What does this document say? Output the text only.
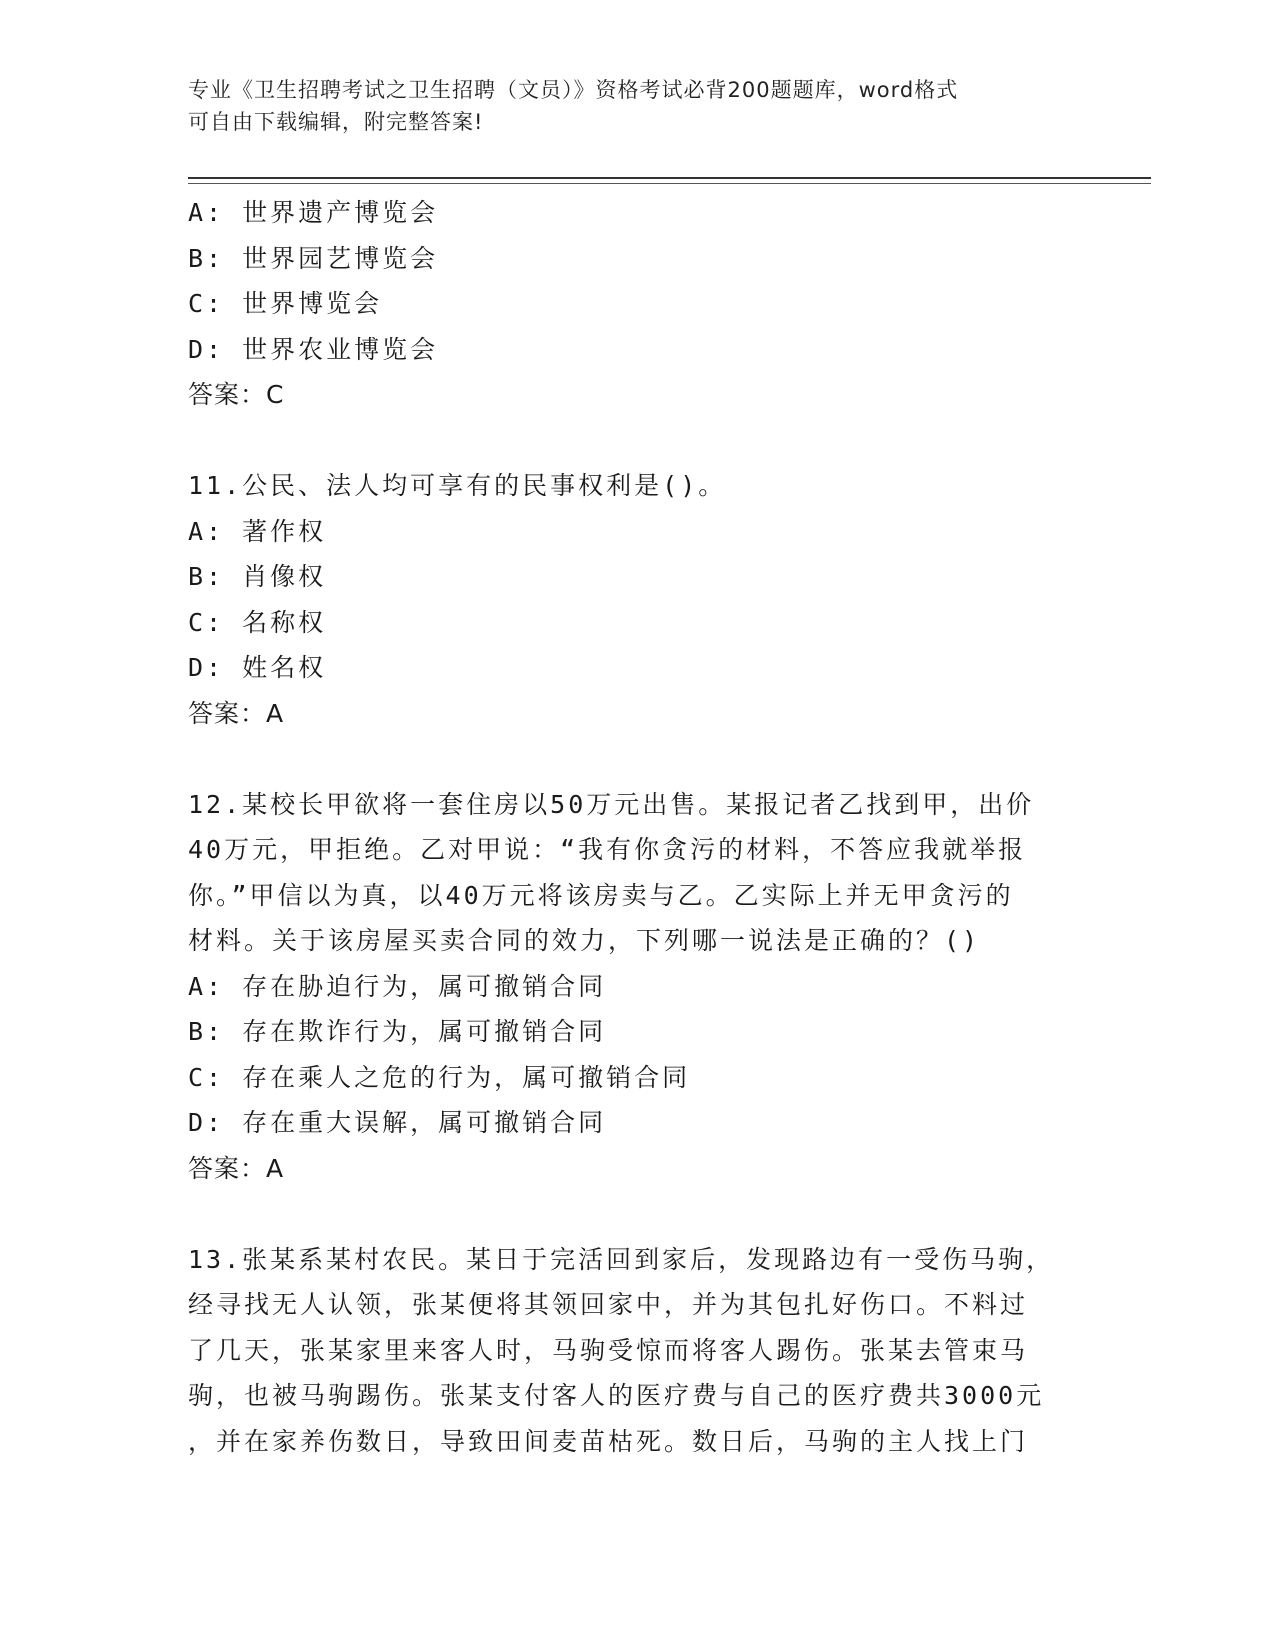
专业《卫生招聘考试之卫生招聘（文员）》资格考试必背200题题库，word格式
可自由下载编辑，附完整答案!
A: 世界遗产博览会
B: 世界园艺博览会
C: 世界博览会
D: 世界农业博览会
答案：C
11.公民、法人均可享有的民事权利是()。
A: 著作权
B: 肖像权
C: 名称权
D: 姓名权
答案：A
12.某校长甲欲将一套住房以50万元出售。某报记者乙找到甲，出价
40万元，甲拒绝。乙对甲说：“我有你贪污的材料，不答应我就举报
你。”甲信以为真，以40万元将该房卖与乙。乙实际上并无甲贪污的
材料。关于该房屋买卖合同的效力，下列哪一说法是正确的？()
A: 存在胁迫行为，属可撤销合同
B: 存在欺诈行为，属可撤销合同
C: 存在乘人之危的行为，属可撤销合同
D: 存在重大误解，属可撤销合同
答案：A
13.张某系某村农民。某日于完活回到家后，发现路边有一受伤马驹，
经寻找无人认领，张某便将其领回家中，并为其包扎好伤口。不料过
了几天，张某家里来客人时，马驹受惊而将客人踢伤。张某去管束马
驹，也被马驹踢伤。张某支付客人的医疗费与自己的医疗费共3000元
，并在家养伤数日，导致田间麦苗枯死。数日后，马驹的主人找上门
